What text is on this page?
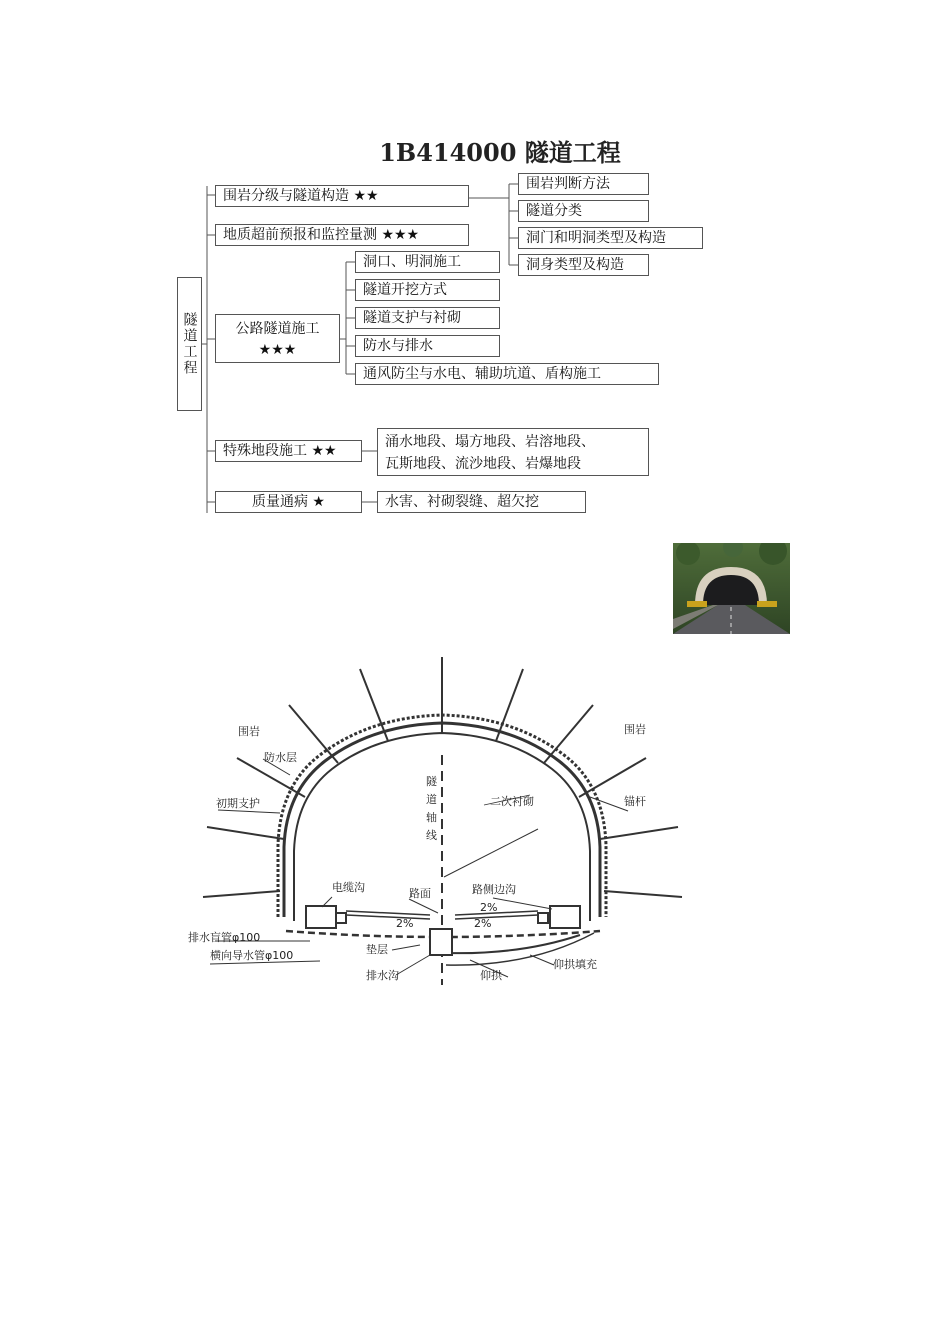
1B414000 隧道工程
隧道工程
围岩分级与隧道构造 ★★
地质超前预报和监控量测 ★★★
公路隧道施工
★★★
特殊地段施工 ★★
质量通病 ★
围岩判断方法
隧道分类
洞门和明洞类型及构造
洞身类型及构造
洞口、明洞施工
隧道开挖方式
隧道支护与衬砌
防水与排水
通风防尘与水电、辅助坑道、盾构施工
涌水地段、塌方地段、岩溶地段、
瓦斯地段、流沙地段、岩爆地段
水害、衬砌裂缝、超欠挖
围岩	围岩
防水层
初期支护
隧
道
轴
线
二次衬砌	锚杆
电缆沟	路面	路侧边沟
2%
2%	2%
排水盲管φ100
横向导水管φ100	垫层
排水沟	仰拱
仰拱填充
